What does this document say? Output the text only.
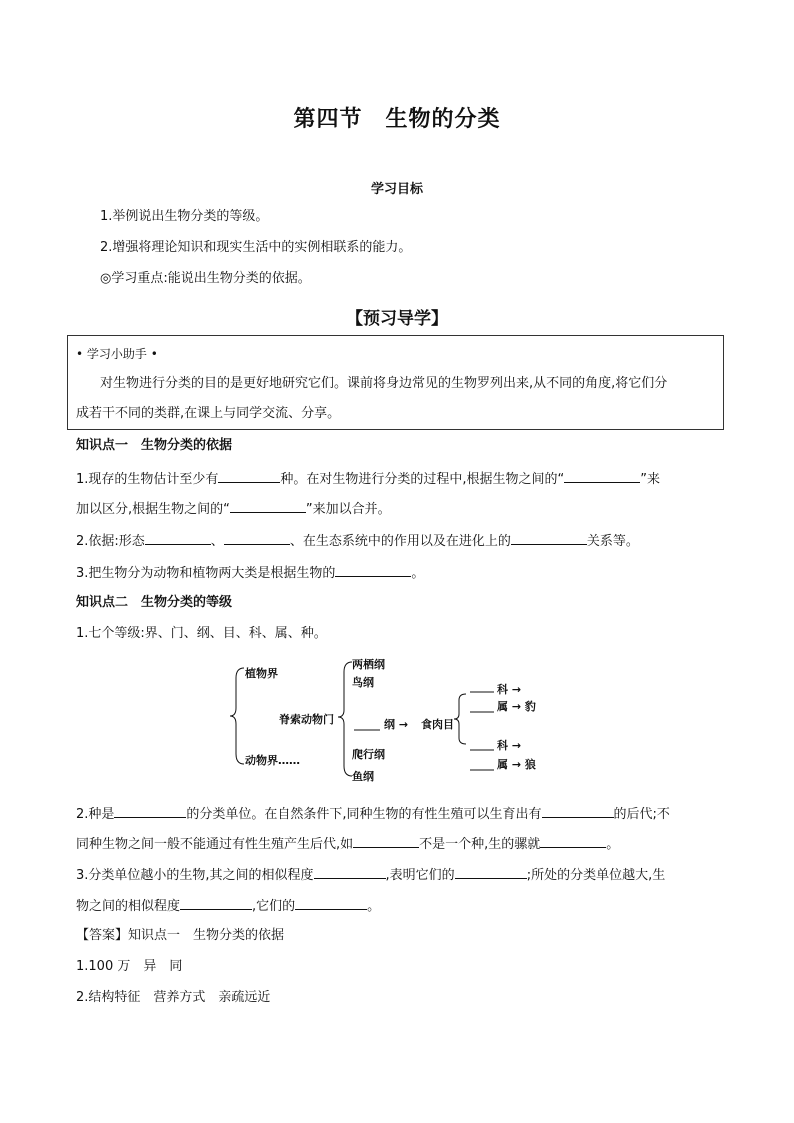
第四节　生物的分类
学习目标
1.举例说出生物分类的等级。
2.增强将理论知识和现实生活中的实例相联系的能力。
◎学习重点:能说出生物分类的依据。
【预习导学】
• 学习小助手 •
对生物进行分类的目的是更好地研究它们。课前将身边常见的生物罗列出来,从不同的角度,将它们分
成若干不同的类群,在课上与同学交流、分享。
知识点一　生物分类的依据
1.现存的生物估计至少有	种。在对生物进行分类的过程中,根据生物之间的“	”来
加以区分,根据生物之间的“	”来加以合并。
2.依据:形态	、	、在生态系统中的作用以及在进化上的	关系等。
3.把生物分为动物和植物两大类是根据生物的	。
知识点二　生物分类的等级
1.七个等级:界、门、纲、目、科、属、种。
植物界
动物界……
脊索动物门
两栖纲
鸟纲
纲 → 食肉目
爬行纲
鱼纲
科 →
属 → 豹
科 →
属 → 狼
2.种是	的分类单位。在自然条件下,同种生物的有性生殖可以生育出有	的后代;不
同种生物之间一般不能通过有性生殖产生后代,如	不是一个种,生的骡就	。
3.分类单位越小的生物,其之间的相似程度	,表明它们的	;所处的分类单位越大,生
物之间的相似程度	,它们的	。
【答案】知识点一　生物分类的依据
1.100 万　异　同
2.结构特征　营养方式　亲疏远近
